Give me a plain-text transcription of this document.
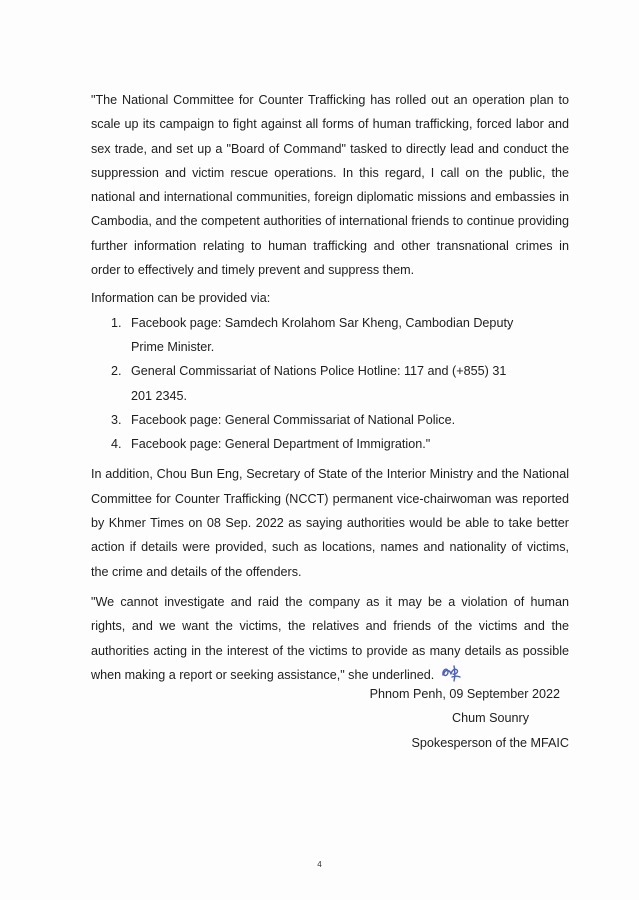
"The National Committee for Counter Trafficking has rolled out an operation plan to scale up its campaign to fight against all forms of human trafficking, forced labor and sex trade, and set up a "Board of Command" tasked to directly lead and conduct the suppression and victim rescue operations. In this regard, I call on the public, the national and international communities, foreign diplomatic missions and embassies in Cambodia, and the competent authorities of international friends to continue providing further information relating to human trafficking and other transnational crimes in order to effectively and timely prevent and suppress them.

Information can be provided via:

1. Facebook page: Samdech Krolahom Sar Kheng, Cambodian Deputy Prime Minister.
2. General Commissariat of Nations Police Hotline: 117 and (+855) 31 201 2345.
3. Facebook page: General Commissariat of National Police.
4. Facebook page: General Department of Immigration."

In addition, Chou Bun Eng, Secretary of State of the Interior Ministry and the National Committee for Counter Trafficking (NCCT) permanent vice-chairwoman was reported by Khmer Times on 08 Sep. 2022 as saying authorities would be able to take better action if details were provided, such as locations, names and nationality of victims, the crime and details of the offenders.

"We cannot investigate and raid the company as it may be a violation of human rights, and we want the victims, the relatives and friends of the victims and the authorities acting in the interest of the victims to provide as many details as possible when making a report or seeking assistance," she underlined.

Phnom Penh, 09 September 2022

Chum Sounry

Spokesperson of the MFAIC

4
